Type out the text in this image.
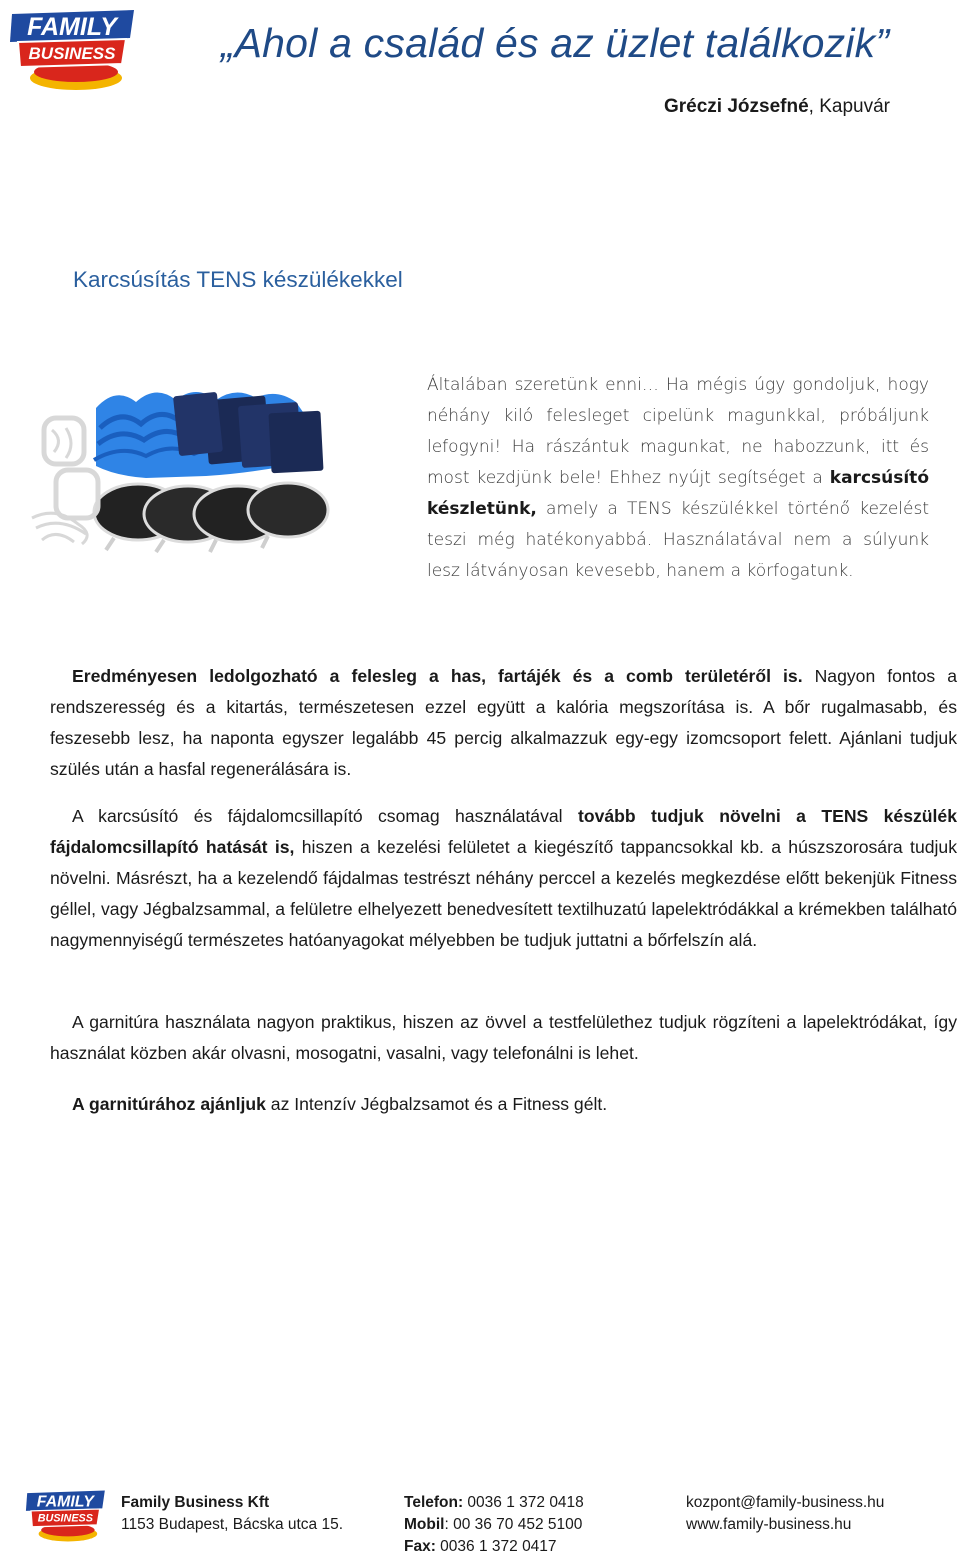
FAMILY
BUSINESS	„Ahol a család és az üzlet találkozik”
Gréczi Józsefné, Kapuvár
Karcsúsítás TENS készülékekkel

Általában szeretünk enni… Ha mégis úgy gondoljuk, hogy néhány kiló felesleget cipelünk magunkkal, próbáljunk lefogyni! Ha rászántuk magunkat, ne habozzunk, itt és most kezdjünk bele! Ehhez nyújt segítséget a karcsúsító készletünk, amely a TENS készülékkel történő kezelést teszi még hatékonyabbá. Használatával nem a súlyunk lesz látványosan kevesebb, hanem a körfogatunk.

Eredményesen ledolgozható a felesleg a has, fartájék és a comb területéről is. Nagyon fontos a rendszeresség és a kitartás, természetesen ezzel együtt a kalória megszorítása is. A bőr rugalmasabb, és feszesebb lesz, ha naponta egyszer legalább 45 percig alkalmazzuk egy-egy izomcsoport felett. Ajánlani tudjuk szülés után a hasfal regenerálására is.

A karcsúsító és fájdalomcsillapító csomag használatával tovább tudjuk növelni a TENS készülék fájdalomcsillapító hatását is, hiszen a kezelési felületet a kiegészítő tappancsokkal kb. a húszszorosára tudjuk növelni. Másrészt, ha a kezelendő fájdalmas testrészt néhány perccel a kezelés megkezdése előtt bekenjük Fitness géllel, vagy Jégbalzsammal, a felületre elhelyezett benedvesített textilhuzatú lapelektródákkal a krémekben található nagymennyiségű természetes hatóanyagokat mélyebben be tudjuk juttatni a bőrfelszín alá.

A garnitúra használata nagyon praktikus, hiszen az övvel a testfelülethez tudjuk rögzíteni a lapelektródákat, így használat közben akár olvasni, mosogatni, vasalni, vagy telefonálni is lehet.

A garnitúrához ajánljuk az Intenzív Jégbalzsamot és a Fitness gélt.

FAMILY
BUSINESS
Family Business Kft
1153 Budapest, Bácska utca 15.
Telefon: 0036 1 372 0418
Mobil: 00 36 70 452 5100
Fax: 0036 1 372 0417
kozpont@family-business.hu
www.family-business.hu
